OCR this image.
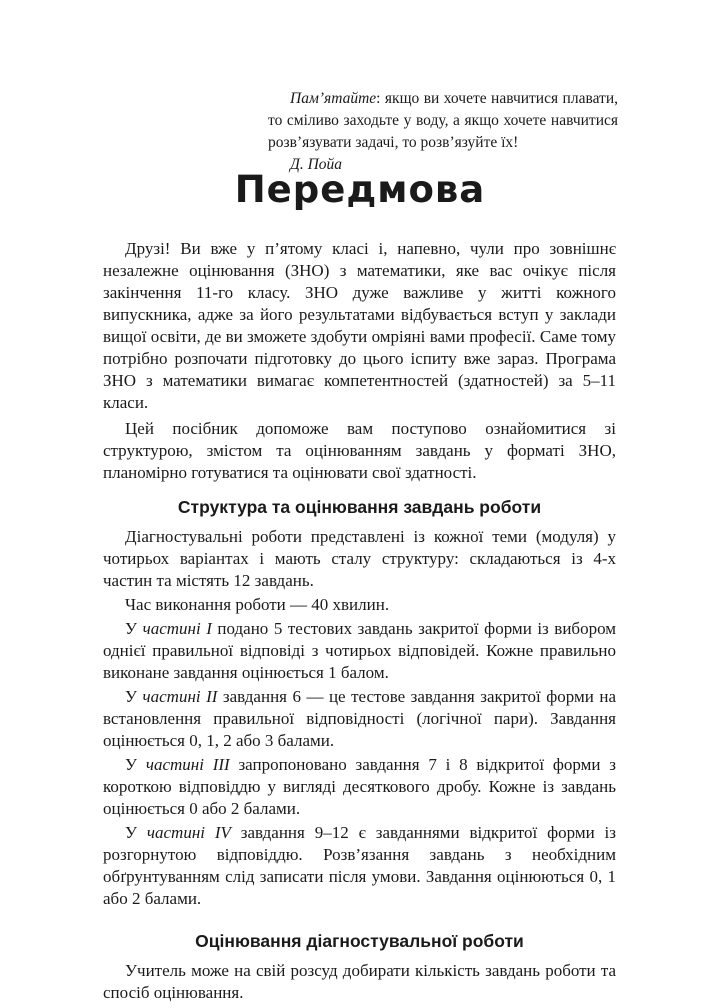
Пам’ятайте: якщо ви хочете навчитися плавати, то сміливо заходьте у воду, а якщо хочете навчитися розв’язувати задачі, то розв’язуйте їх!

Д. Пойа

Передмова

Друзі! Ви вже у п’ятому класі і, напевно, чули про зовнішнє незалежне оцінювання (ЗНО) з математики, яке вас очікує після закінчення 11-го класу. ЗНО дуже важливе у житті кожного випускника, адже за його результатами відбувається вступ у заклади вищої освіти, де ви зможете здобути омріяні вами професії. Саме тому потрібно розпочати підготовку до цього іспиту вже зараз. Програма ЗНО з математики вимагає компетентностей (здатностей) за 5–11 класи.

Цей посібник допоможе вам поступово ознайомитися зі структурою, змістом та оцінюванням завдань у форматі ЗНО, планомірно готуватися та оцінювати свої здатності.

Структура та оцінювання завдань роботи

Діагностувальні роботи представлені із кожної теми (модуля) у чотирьох варіантах і мають сталу структуру: складаються із 4-х частин та містять 12 завдань.

Час виконання роботи — 40 хвилин.

У частині I подано 5 тестових завдань закритої форми із вибором однієї правильної відповіді з чотирьох відповідей. Кожне правильно виконане завдання оцінюється 1 балом.

У частині II завдання 6 — це тестове завдання закритої форми на встановлення правильної відповідності (логічної пари). Завдання оцінюється 0, 1, 2 або 3 балами.

У частині III запропоновано завдання 7 і 8 відкритої форми з короткою відповіддю у вигляді десяткового дробу. Кожне із завдань оцінюється 0 або 2 балами.

У частині IV завдання 9–12 є завданнями відкритої форми із розгорнутою відповіддю. Розв’язання завдань з необхідним обґрунтуванням слід записати після умови. Завдання оцінюються 0, 1 або 2 балами.

Оцінювання діагностувальної роботи

Учитель може на свій розсуд добирати кількість завдань роботи та спосіб оцінювання.
